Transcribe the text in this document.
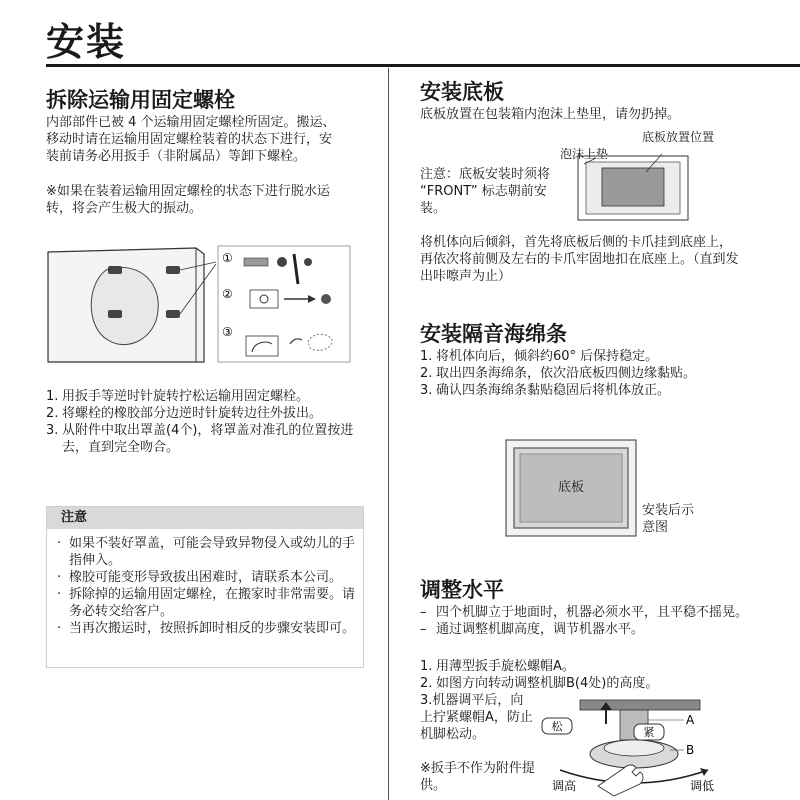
安装
拆除运输用固定螺栓
内部部件已被 4 个运输用固定螺栓所固定。搬运、移动时请在运输用固定螺栓装着的状态下进行，安装前请务必用扳手（非附属品）等卸下螺栓。
※如果在装着运输用固定螺栓的状态下进行脱水运转，将会产生极大的振动。
①
②
③
1. 用扳手等逆时针旋转拧松运输用固定螺栓。
2. 将螺栓的橡胶部分边逆时针旋转边往外拔出。
3. 从附件中取出罩盖(4个)，将罩盖对准孔的位置按进去，直到完全吻合。
注意
· 如果不装好罩盖，可能会导致异物侵入或幼儿的手指伸入。
· 橡胶可能变形导致拔出困难时，请联系本公司。
· 拆除掉的运输用固定螺栓，在搬家时非常需要。请务必转交给客户。
· 当再次搬运时，按照拆卸时相反的步骤安装即可。
安装底板
底板放置在包装箱内泡沫上垫里，请勿扔掉。
底板放置位置
泡沫上垫
注意：底板安装时须将 “FRONT” 标志朝前安装。
将机体向后倾斜，首先将底板后侧的卡爪挂到底座上，再依次将前侧及左右的卡爪牢固地扣在底座上。（直到发出咔嚓声为止）
安装隔音海绵条
1. 将机体向后，倾斜约60° 后保持稳定。
2. 取出四条海绵条，依次沿底板四侧边缘黏贴。
3. 确认四条海绵条黏贴稳固后将机体放正。
底板
安装后示意图
调整水平
– 四个机脚立于地面时，机器必须水平，且平稳不摇晃。
– 通过调整机脚高度，调节机器水平。
1. 用薄型扳手旋松螺帽A。
2. 如图方向转动调整机脚B(4处)的高度。
3.机器调平后，向上拧紧螺帽A，防止机脚松动。
※扳手不作为附件提供。
松	紧
A
B
调高	调低
